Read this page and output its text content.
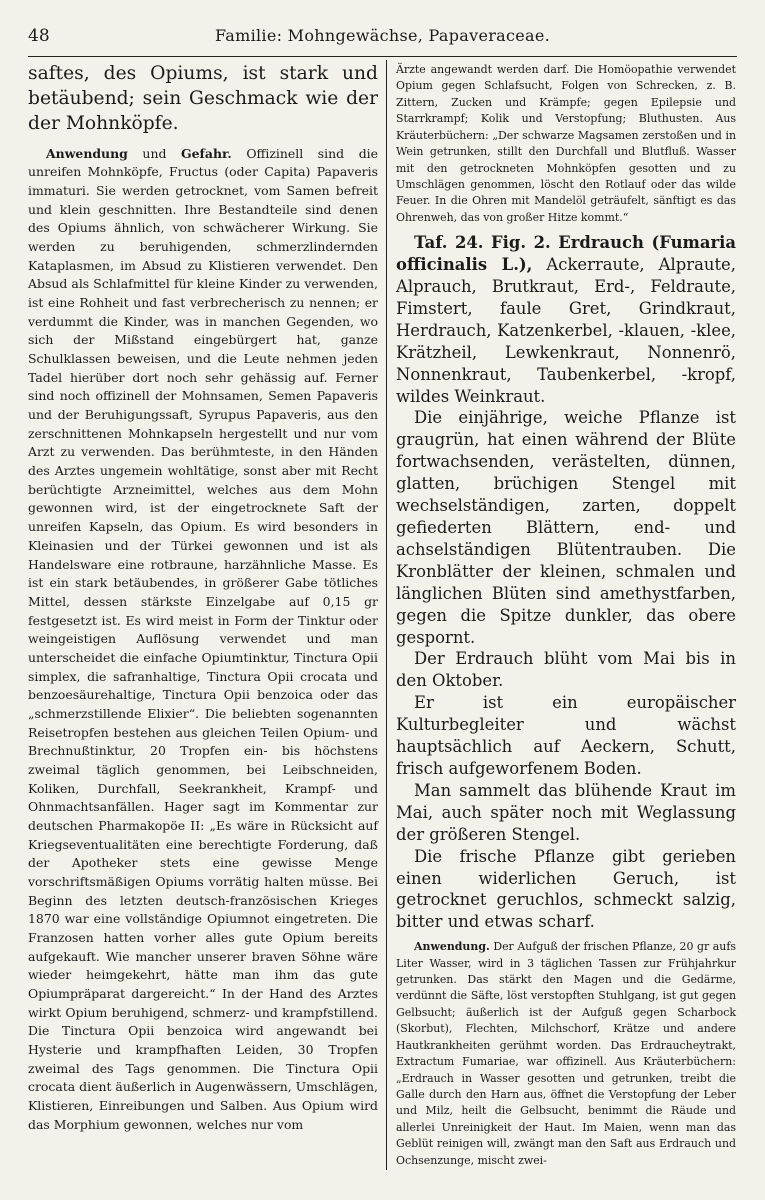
48	Familie: Mohngewächse, Papaveraceae.

saftes, des Opiums, ist stark und betäubend; sein Geschmack wie der der Mohnköpfe.

Anwendung und Gefahr. Offizinell sind die unreifen Mohnköpfe, Fructus (oder Capita) Papaveris immaturi. Sie werden getrocknet, vom Samen befreit und klein geschnitten. Ihre Bestandteile sind denen des Opiums ähnlich, von schwächerer Wirkung. Sie werden zu beruhigenden, schmerzlindernden Kataplasmen, im Absud zu Klistieren verwendet. Den Absud als Schlafmittel für kleine Kinder zu verwenden, ist eine Rohheit und fast verbrecherisch zu nennen; er verdummt die Kinder, was in manchen Gegenden, wo sich der Mißstand eingebürgert hat, ganze Schulklassen beweisen, und die Leute nehmen jeden Tadel hierüber dort noch sehr gehässig auf. Ferner sind noch offizinell der Mohnsamen, Semen Papaveris und der Beruhigungssaft, Syrupus Papaveris, aus den zerschnittenen Mohnkapseln hergestellt und nur vom Arzt zu verwenden. Das berühmteste, in den Händen des Arztes ungemein wohltätige, sonst aber mit Recht berüchtigte Arzneimittel, welches aus dem Mohn gewonnen wird, ist der eingetrocknete Saft der unreifen Kapseln, das Opium. Es wird besonders in Kleinasien und der Türkei gewonnen und ist als Handelsware eine rotbraune, harzähnliche Masse. Es ist ein stark betäubendes, in größerer Gabe tötliches Mittel, dessen stärkste Einzelgabe auf 0,15 gr festgesetzt ist. Es wird meist in Form der Tinktur oder weingeistigen Auflösung verwendet und man unterscheidet die einfache Opiumtinktur, Tinctura Opii simplex, die safranhaltige, Tinctura Opii crocata und benzoesäurehaltige, Tinctura Opii benzoica oder das „schmerzstillende Elixier“. Die beliebten sogenannten Reisetropfen bestehen aus gleichen Teilen Opium- und Brechnußtinktur, 20 Tropfen ein- bis höchstens zweimal täglich genommen, bei Leibschneiden, Koliken, Durchfall, Seekrankheit, Krampf- und Ohnmachtsanfällen. Hager sagt im Kommentar zur deutschen Pharmakopöe II: „Es wäre in Rücksicht auf Kriegseventualitäten eine berechtigte Forderung, daß der Apotheker stets eine gewisse Menge vorschriftsmäßigen Opiums vorrätig halten müsse. Bei Beginn des letzten deutsch-französischen Krieges 1870 war eine vollständige Opiumnot eingetreten. Die Franzosen hatten vorher alles gute Opium bereits aufgekauft. Wie mancher unserer braven Söhne wäre wieder heimgekehrt, hätte man ihm das gute Opiumpräparat dargereicht.“ In der Hand des Arztes wirkt Opium beruhigend, schmerz- und krampfstillend. Die Tinctura Opii benzoica wird angewandt bei Hysterie und krampfhaften Leiden, 30 Tropfen zweimal des Tags genommen. Die Tinctura Opii crocata dient äußerlich in Augenwässern, Umschlägen, Klistieren, Einreibungen und Salben. Aus Opium wird das Morphium gewonnen, welches nur vom

Ärzte angewandt werden darf. Die Homöopathie verwendet Opium gegen Schlafsucht, Folgen von Schrecken, z. B. Zittern, Zucken und Krämpfe; gegen Epilepsie und Starrkrampf; Kolik und Verstopfung; Bluthusten. Aus Kräuterbüchern: „Der schwarze Magsamen zerstoßen und in Wein getrunken, stillt den Durchfall und Blutfluß. Wasser mit den getrockneten Mohnköpfen gesotten und zu Umschlägen genommen, löscht den Rotlauf oder das wilde Feuer. In die Ohren mit Mandelöl geträufelt, sänftigt es das Ohrenweh, das von großer Hitze kommt.“

Taf. 24. Fig. 2. Erdrauch (Fumaria officinalis L.), Ackerraute, Alpraute, Alprauch, Brutkraut, Erd-, Feldraute, Fimstert, faule Gret, Grindkraut, Herdrauch, Katzenkerbel, -klauen, -klee, Krätzheil, Lewkenkraut, Nonnenrö, Nonnenkraut, Taubenkerbel, -kropf, wildes Weinkraut.

Die einjährige, weiche Pflanze ist graugrün, hat einen während der Blüte fortwachsenden, verästelten, dünnen, glatten, brüchigen Stengel mit wechselständigen, zarten, doppelt gefiederten Blättern, end- und achselständigen Blütentrauben. Die Kronblätter der kleinen, schmalen und länglichen Blüten sind amethystfarben, gegen die Spitze dunkler, das obere gespornt.

Der Erdrauch blüht vom Mai bis in den Oktober.

Er ist ein europäischer Kulturbegleiter und wächst hauptsächlich auf Aeckern, Schutt, frisch aufgeworfenem Boden.

Man sammelt das blühende Kraut im Mai, auch später noch mit Weglassung der größeren Stengel.

Die frische Pflanze gibt gerieben einen widerlichen Geruch, ist getrocknet geruchlos, schmeckt salzig, bitter und etwas scharf.

Anwendung. Der Aufguß der frischen Pflanze, 20 gr aufs Liter Wasser, wird in 3 täglichen Tassen zur Frühjahrkur getrunken. Das stärkt den Magen und die Gedärme, verdünnt die Säfte, löst verstopften Stuhlgang, ist gut gegen Gelbsucht; äußerlich ist der Aufguß gegen Scharbock (Skorbut), Flechten, Milchschorf, Krätze und andere Hautkrankheiten gerühmt worden. Das Erdraucheytrakt, Extractum Fumariae, war offizinell. Aus Kräuterbüchern: „Erdrauch in Wasser gesotten und getrunken, treibt die Galle durch den Harn aus, öffnet die Verstopfung der Leber und Milz, heilt die Gelbsucht, benimmt die Räude und allerlei Unreinigkeit der Haut. Im Maien, wenn man das Geblüt reinigen will, zwängt man den Saft aus Erdrauch und Ochsenzunge, mischt zwei-
